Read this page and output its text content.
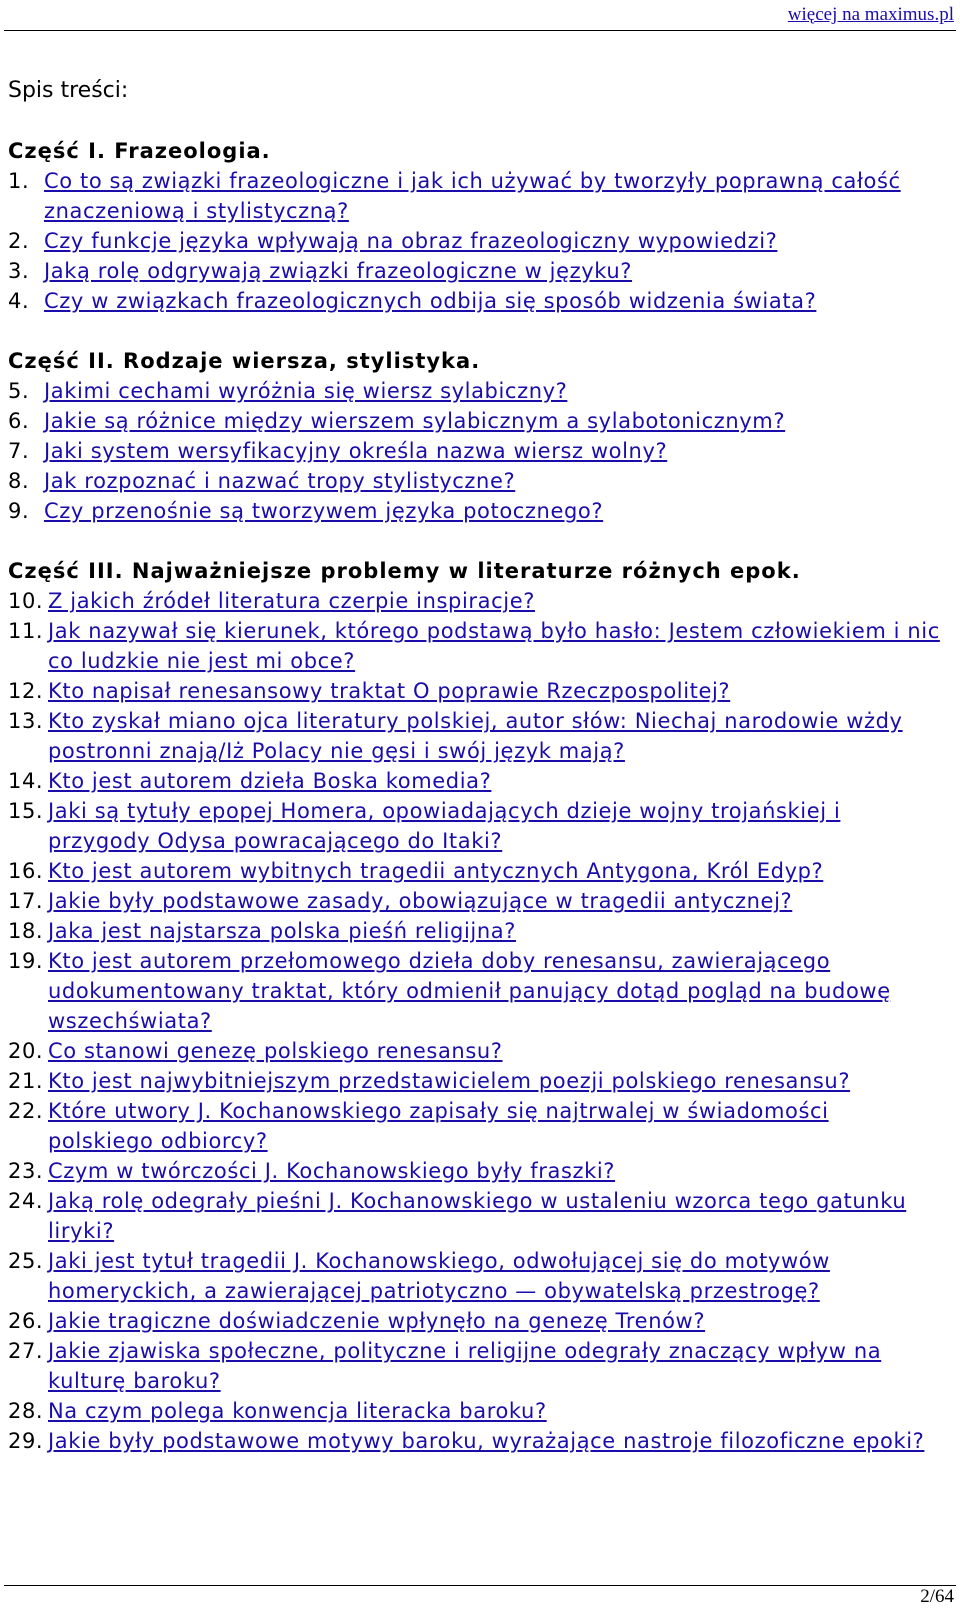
więcej na maximus.pl
Spis treści:
Część I. Frazeologia.
1. Co to są związki frazeologiczne i jak ich używać by tworzyły poprawną całość znaczeniową i stylistyczną?
2. Czy funkcje języka wpływają na obraz frazeologiczny wypowiedzi?
3. Jaką rolę odgrywają związki frazeologiczne w języku?
4. Czy w związkach frazeologicznych odbija się sposób widzenia świata?
Część II. Rodzaje wiersza, stylistyka.
5. Jakimi cechami wyróżnia się wiersz sylabiczny?
6. Jakie są różnice między wierszem sylabicznym a sylabotonicznym?
7. Jaki system wersyfikacyjny określa nazwa wiersz wolny?
8. Jak rozpoznać i nazwać tropy stylistyczne?
9. Czy przenośnie są tworzywem języka potocznego?
Część III. Najważniejsze problemy w literaturze różnych epok.
10. Z jakich źródeł literatura czerpie inspiracje?
11. Jak nazywał się kierunek, którego podstawą było hasło: Jestem człowiekiem i nic co ludzkie nie jest mi obce?
12. Kto napisał renesansowy traktat O poprawie Rzeczpospolitej?
13. Kto zyskał miano ojca literatury polskiej, autor słów: Niechaj narodowie wżdy postronni znają/Iż Polacy nie gęsi i swój język mają?
14. Kto jest autorem dzieła Boska komedia?
15. Jaki są tytuły epopej Homera, opowiadających dzieje wojny trojańskiej i przygody Odysa powracającego do Itaki?
16. Kto jest autorem wybitnych tragedii antycznych Antygona, Król Edyp?
17. Jakie były podstawowe zasady, obowiązujące w tragedii antycznej?
18. Jaka jest najstarsza polska pieśń religijna?
19. Kto jest autorem przełomowego dzieła doby renesansu, zawierającego udokumentowany traktat, który odmienił panujący dotąd pogląd na budowę wszechświata?
20. Co stanowi genezę polskiego renesansu?
21. Kto jest najwybitniejszym przedstawicielem poezji polskiego renesansu?
22. Które utwory J. Kochanowskiego zapisały się najtrwalej w świadomości polskiego odbiorcy?
23. Czym w twórczości J. Kochanowskiego były fraszki?
24. Jaką rolę odegrały pieśni J. Kochanowskiego w ustaleniu wzorca tego gatunku liryki?
25. Jaki jest tytuł tragedii J. Kochanowskiego, odwołującej się do motywów homeryckich, a zawierającej patriotyczno — obywatelską przestrogę?
26. Jakie tragiczne doświadczenie wpłynęło na genezę Trenów?
27. Jakie zjawiska społeczne, polityczne i religijne odegrały znaczący wpływ na kulturę baroku?
28. Na czym polega konwencja literacka baroku?
29. Jakie były podstawowe motywy baroku, wyrażające nastroje filozoficzne epoki?
2/64
